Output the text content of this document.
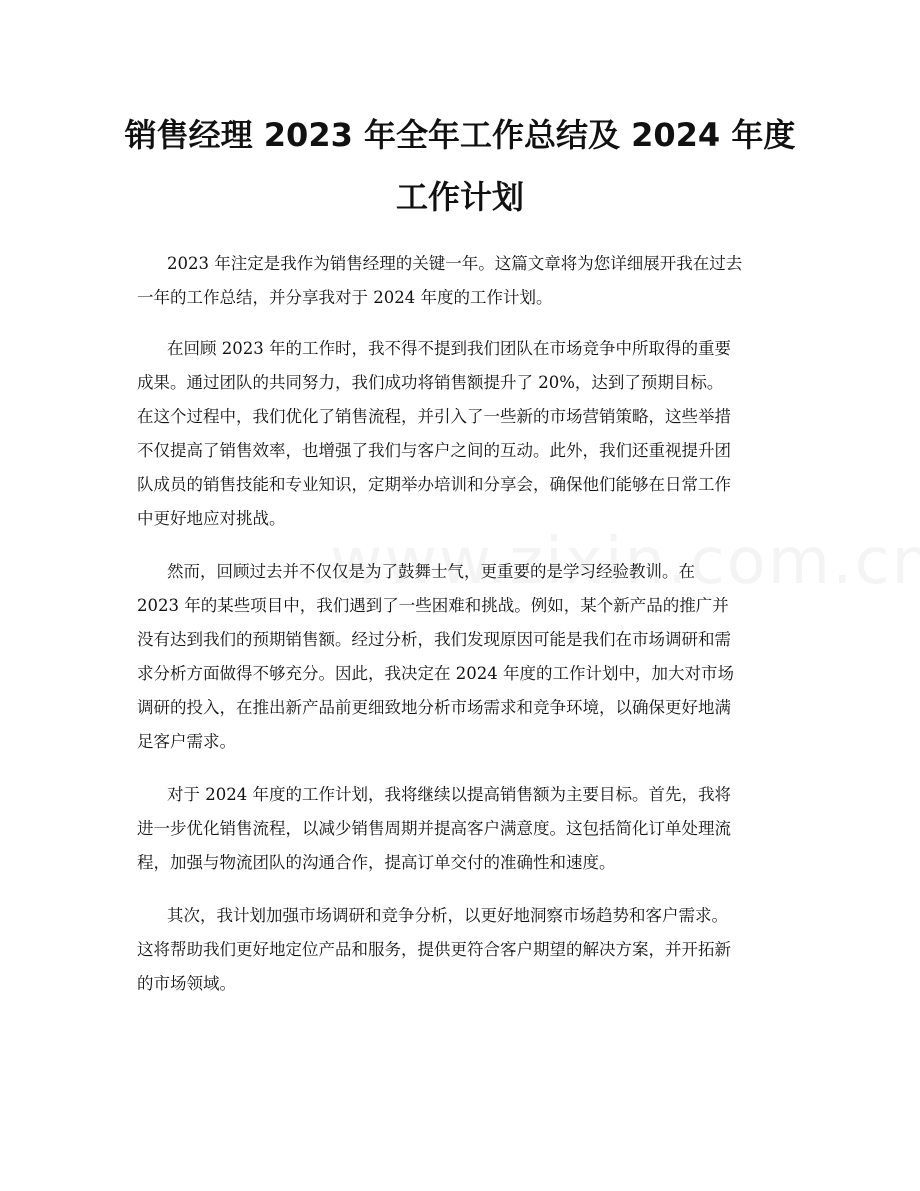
销售经理 2023 年全年工作总结及 2024 年度
工作计划
2023 年注定是我作为销售经理的关键一年。这篇文章将为您详细展开我在过去
一年的工作总结，并分享我对于 2024 年度的工作计划。
在回顾 2023 年的工作时，我不得不提到我们团队在市场竞争中所取得的重要
成果。通过团队的共同努力，我们成功将销售额提升了 20%，达到了预期目标。
在这个过程中，我们优化了销售流程，并引入了一些新的市场营销策略，这些举措
不仅提高了销售效率，也增强了我们与客户之间的互动。此外，我们还重视提升团
队成员的销售技能和专业知识，定期举办培训和分享会，确保他们能够在日常工作
中更好地应对挑战。
然而，回顾过去并不仅仅是为了鼓舞士气，更重要的是学习经验教训。在
2023 年的某些项目中，我们遇到了一些困难和挑战。例如，某个新产品的推广并
没有达到我们的预期销售额。经过分析，我们发现原因可能是我们在市场调研和需
求分析方面做得不够充分。因此，我决定在 2024 年度的工作计划中，加大对市场
调研的投入，在推出新产品前更细致地分析市场需求和竞争环境，以确保更好地满
足客户需求。
对于 2024 年度的工作计划，我将继续以提高销售额为主要目标。首先，我将
进一步优化销售流程，以减少销售周期并提高客户满意度。这包括简化订单处理流
程，加强与物流团队的沟通合作，提高订单交付的准确性和速度。
其次，我计划加强市场调研和竞争分析，以更好地洞察市场趋势和客户需求。
这将帮助我们更好地定位产品和服务，提供更符合客户期望的解决方案，并开拓新
的市场领域。
